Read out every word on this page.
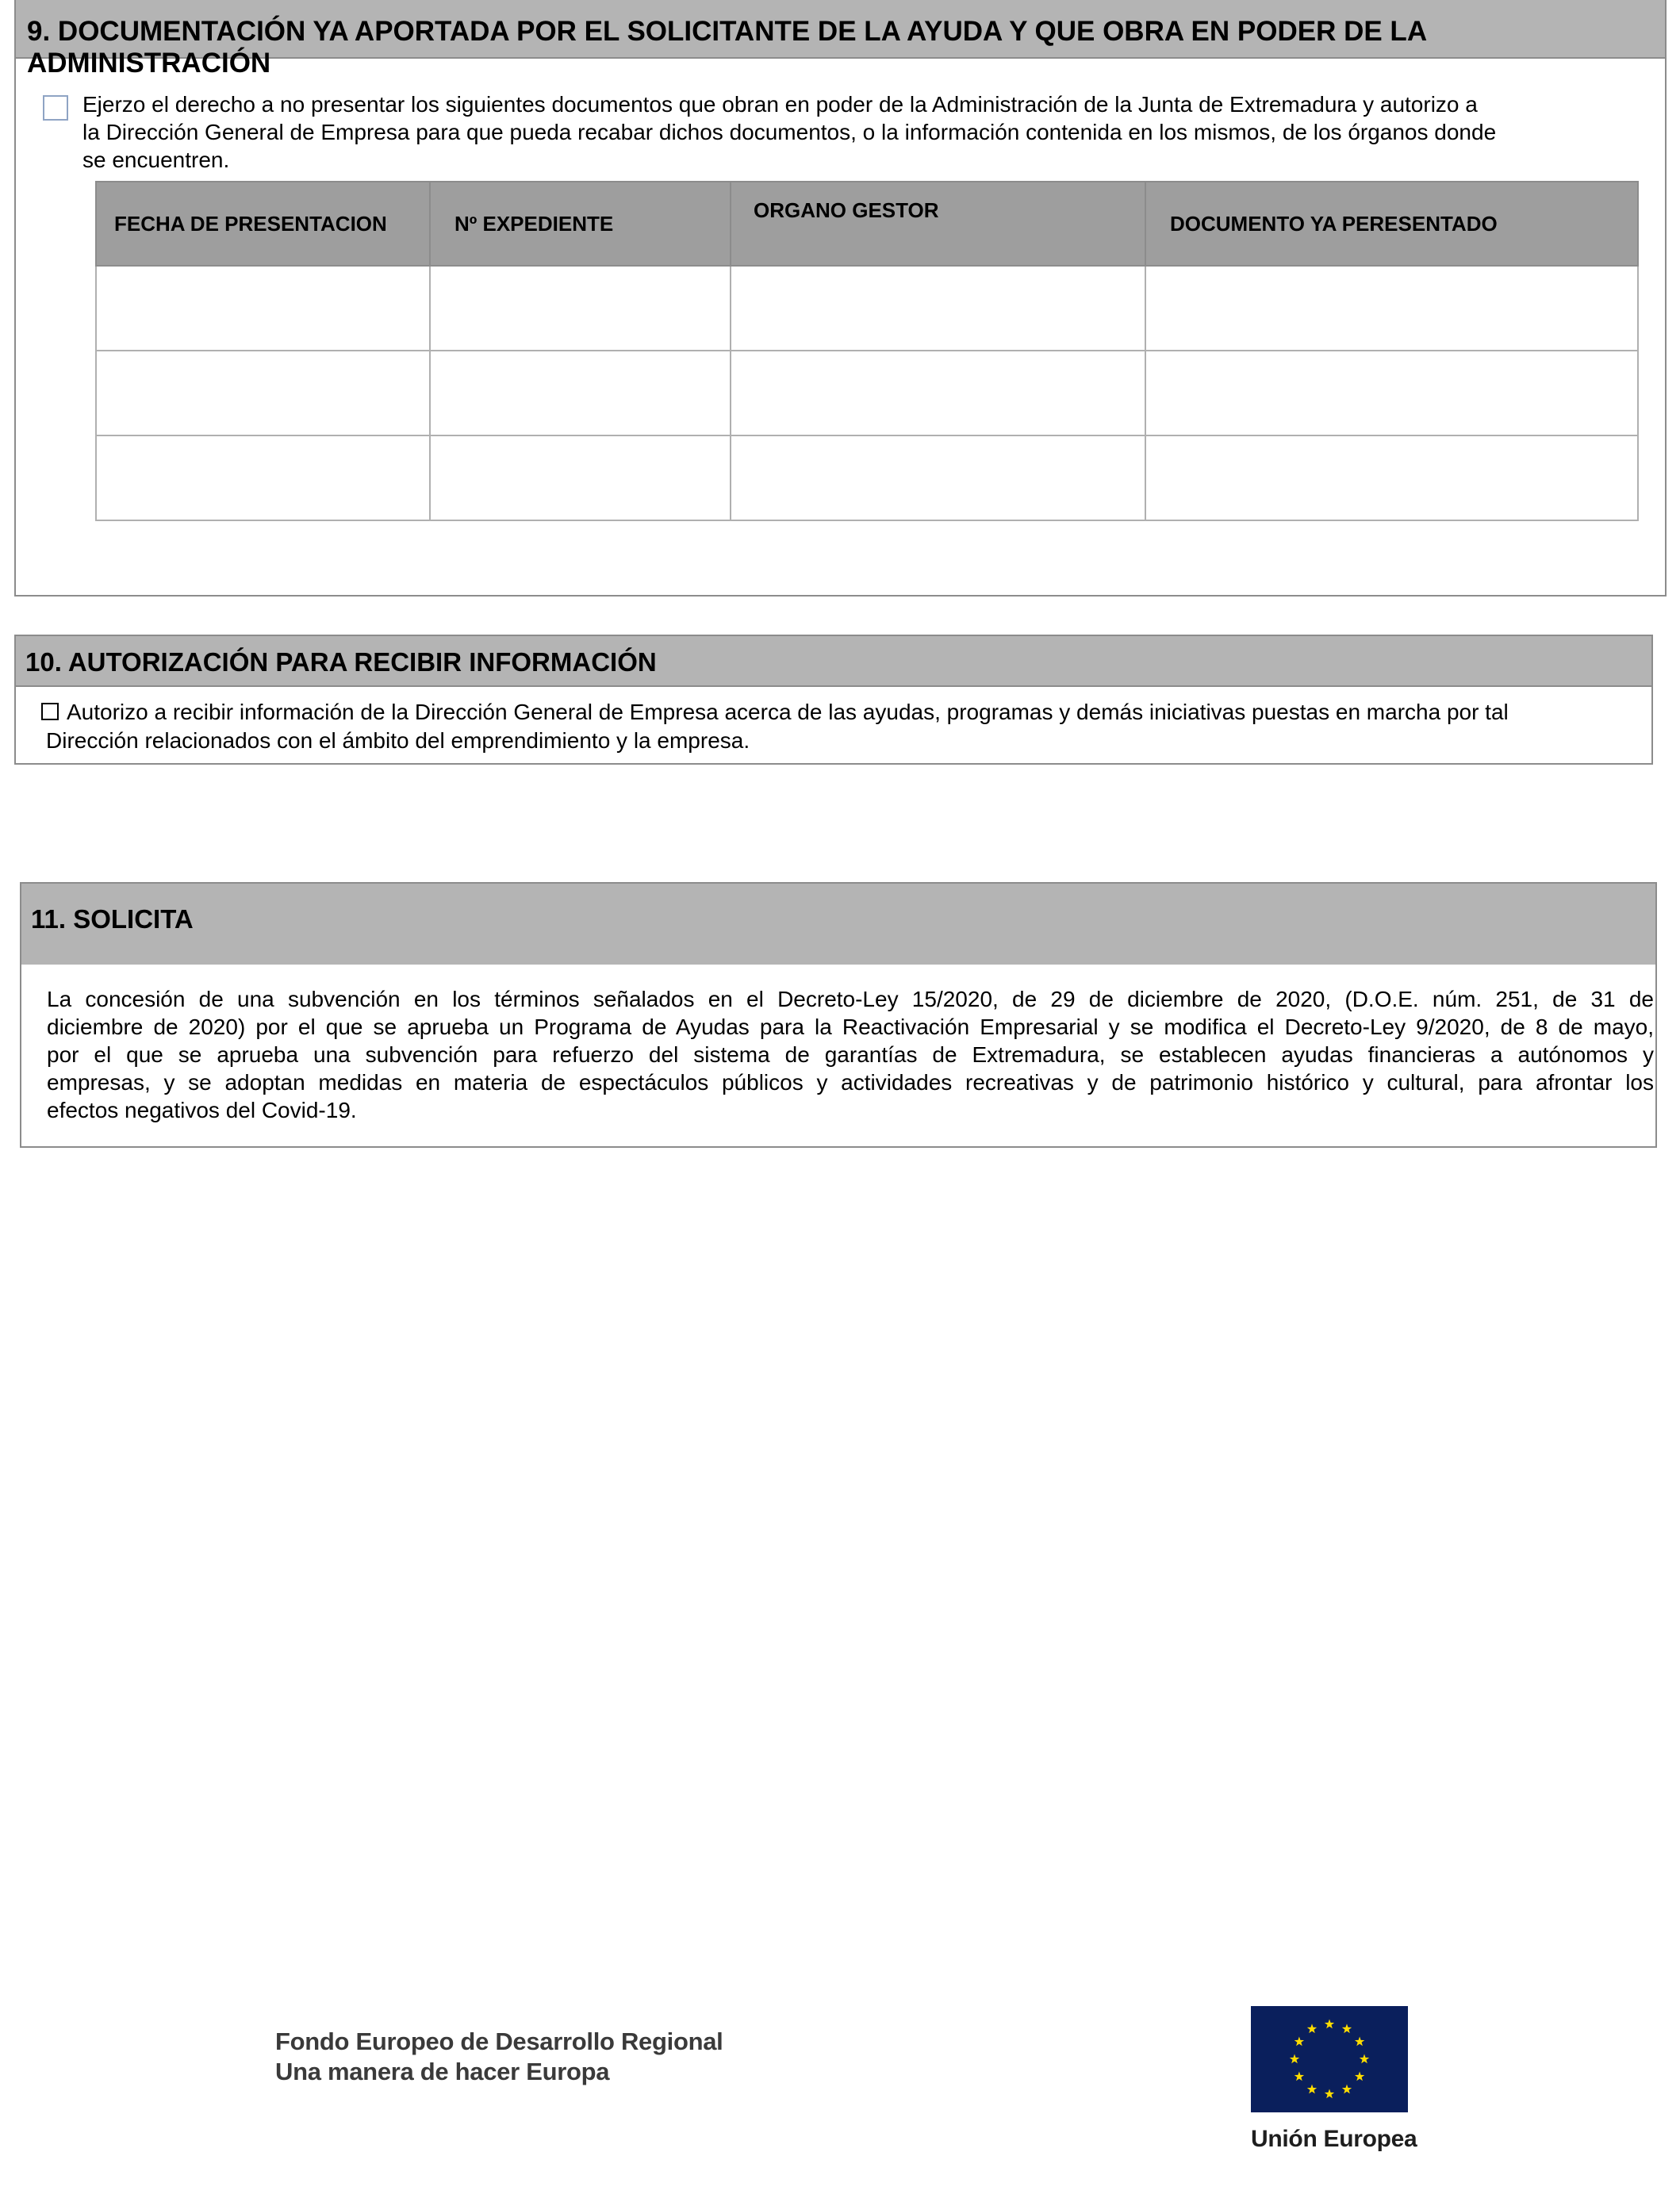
9. DOCUMENTACIÓN YA APORTADA POR EL SOLICITANTE DE LA AYUDA Y QUE OBRA EN PODER DE LA ADMINISTRACIÓN
Ejerzo el derecho a no presentar los siguientes documentos que obran en poder de la Administración de la Junta de Extremadura y autorizo a
la Dirección General de Empresa para que pueda recabar dichos documentos, o la información contenida en los mismos, de los órganos donde
se encuentren.
FECHA DE PRESENTACION	Nº EXPEDIENTE	ORGANO GESTOR	DOCUMENTO YA PERESENTADO

10. AUTORIZACIÓN PARA RECIBIR INFORMACIÓN
Autorizo a recibir información de la Dirección General de Empresa acerca de las ayudas, programas y demás iniciativas puestas en marcha por tal
Dirección relacionados con el ámbito del emprendimiento y la empresa.
11. SOLICITA
La concesión de una subvención en los términos señalados en el Decreto-Ley 15/2020, de 29 de diciembre de 2020, (D.O.E. núm. 251, de 31 de
diciembre de 2020) por el que se aprueba un Programa de Ayudas para la Reactivación Empresarial y se modifica el Decreto-Ley 9/2020, de 8 de mayo,
por el que se aprueba una subvención para refuerzo del sistema de garantías de Extremadura, se establecen ayudas financieras a autónomos y
empresas, y se adoptan medidas en materia de espectáculos públicos y actividades recreativas y de patrimonio histórico y cultural, para afrontar los
efectos negativos del Covid-19.
Fondo Europeo de Desarrollo Regional
Una manera de hacer Europa
Unión Europea
